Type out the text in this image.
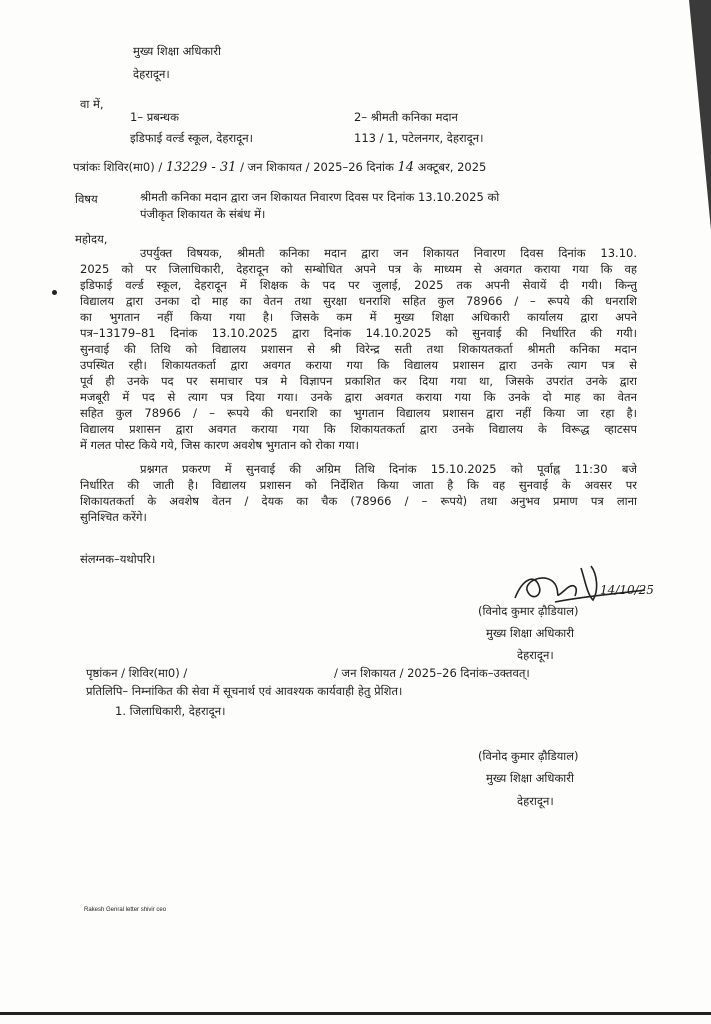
मुख्य शिक्षा अधिकारी
देहरादून।
वा में,
1– प्रबन्धक
इडिफाई वर्ल्ड स्कूल, देहरादून।
2– श्रीमती कनिका मदान
113 / 1, पटेलनगर, देहरादून।
पत्रांकः शिविर(मा0) / 13229 - 31 / जन शिकायत / 2025–26 दिनांक 14 अक्टूबर, 2025
विषय	श्रीमती कनिका मदान द्वारा जन शिकायत निवारण दिवस पर दिनांक 13.10.2025 को
पंजीकृत शिकायत के संबंध में।
महोदय,
उपर्युक्त विषयक, श्रीमती कनिका मदान द्वारा जन शिकायत निवारण दिवस दिनांक 13.10.
2025 को पर जिलाधिकारी, देहरादून को सम्बोधित अपने पत्र के माध्यम से अवगत कराया गया कि वह
इडिफाई वर्ल्ड स्कूल, देहरादून में शिक्षक के पद पर जुलाई, 2025 तक अपनी सेवायें दी गयी। किन्तु
विद्यालय द्वारा उनका दो माह का वेतन तथा सुरक्षा धनराशि सहित कुल 78966 / – रूपये की धनराशि
का भुगतान नहीं किया गया है। जिसके कम में मुख्य शिक्षा अधिकारी कार्यालय द्वारा अपने
पत्र–13179–81 दिनांक 13.10.2025 द्वारा दिनांक 14.10.2025 को सुनवाई की निर्धारित की गयी।
सुनवाई की तिथि को विद्यालय प्रशासन से श्री विरेन्द्र सती तथा शिकायतकर्ता श्रीमती कनिका मदान
उपस्थित रही। शिकायतकर्ता द्वारा अवगत कराया गया कि विद्यालय प्रशासन द्वारा उनके त्याग पत्र से
पूर्व ही उनके पद पर समाचार पत्र मे विज्ञापन प्रकाशित कर दिया गया था, जिसके उपरांत उनके द्वारा
मजबूरी में पद से त्याग पत्र दिया गया। उनके द्वारा अवगत कराया गया कि उनके दो माह का वेतन
सहित कुल 78966 / – रूपये की धनराशि का भुगतान विद्यालय प्रशासन द्वारा नहीं किया जा रहा है।
विद्यालय प्रशासन द्वारा अवगत कराया गया कि शिकायतकर्ता द्वारा उनके विद्यालय के विरूद्ध व्हाटसप
में गलत पोस्ट किये गये, जिस कारण अवशेष भुगतान को रोका गया।
प्रश्नगत प्रकरण में सुनवाई की अग्रिम तिथि दिनांक 15.10.2025 को पूर्वाह्न 11:30 बजे
निर्धारित की जाती है। विद्यालय प्रशासन को निर्देशित किया जाता है कि वह सुनवाई के अवसर पर
शिकायतकर्ता के अवशेष वेतन / देयक का चैक (78966 / – रूपये) तथा अनुभव प्रमाण पत्र लाना
सुनिश्चित करेंगे।
संलग्नक–यथोपरि।
14/10/25
(विनोद कुमार ढ़ौडियाल)
मुख्य शिक्षा अधिकारी
देहरादून।
पृष्ठांकन / शिविर(मा0) /	/ जन शिकायत / 2025–26 दिनांक–उक्तवत्।
प्रतिलिपि– निम्नांकित की सेवा में सूचनार्थ एवं आवश्यक कार्यवाही हेतु प्रेशित।
1. जिलाधिकारी, देहरादून।
(विनोद कुमार ढ़ौडियाल)
मुख्य शिक्षा अधिकारी
देहरादून।
Rakesh Genral letter shivir ceo
